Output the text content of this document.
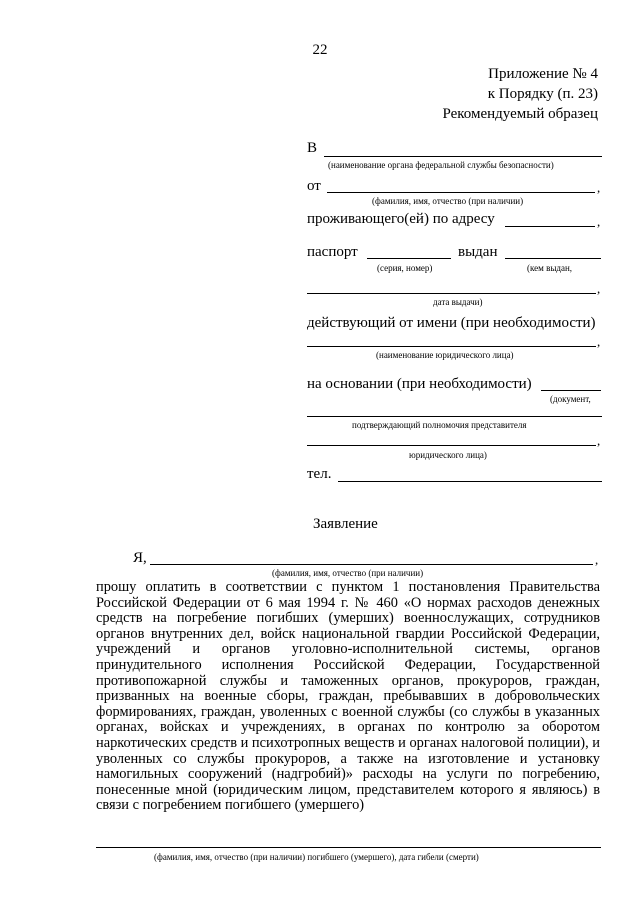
22
Приложение № 4
к Порядку (п. 23)
Рекомендуемый образец
В
(наименование органа федеральной службы безопасности)
от	,
(фамилия, имя, отчество (при наличии)
проживающего(ей) по адресу	,
паспорт	выдан
(серия, номер)	(кем выдан,
,
дата выдачи)
действующий от имени (при необходимости)
,
(наименование юридического лица)
на основании (при необходимости)
(документ,
подтверждающий полномочия представителя
,
юридического лица)
тел.
Заявление
Я,	,
(фамилия, имя, отчество (при наличии)
прошу оплатить в соответствии с пунктом 1 постановления Правительства Российской Федерации от 6 мая 1994 г. № 460 «О нормах расходов денежных средств на погребение погибших (умерших) военнослужащих, сотрудников органов внутренних дел, войск национальной гвардии Российской Федерации, учреждений и органов уголовно-исполнительной системы, органов принудительного исполнения Российской Федерации, Государственной противопожарной службы и таможенных органов, прокуроров, граждан, призванных на военные сборы, граждан, пребывавших в добровольческих формированиях, граждан, уволенных с военной службы (со службы в указанных органах, войсках и учреждениях, в органах по контролю за оборотом наркотических средств и психотропных веществ и органах налоговой полиции), и уволенных со службы прокуроров, а также на изготовление и установку намогильных сооружений (надгробий)» расходы на услуги по погребению, понесенные мной (юридическим лицом, представителем которого я являюсь) в связи с погребением погибшего (умершего)
(фамилия, имя, отчество (при наличии) погибшего (умершего), дата гибели (смерти)
